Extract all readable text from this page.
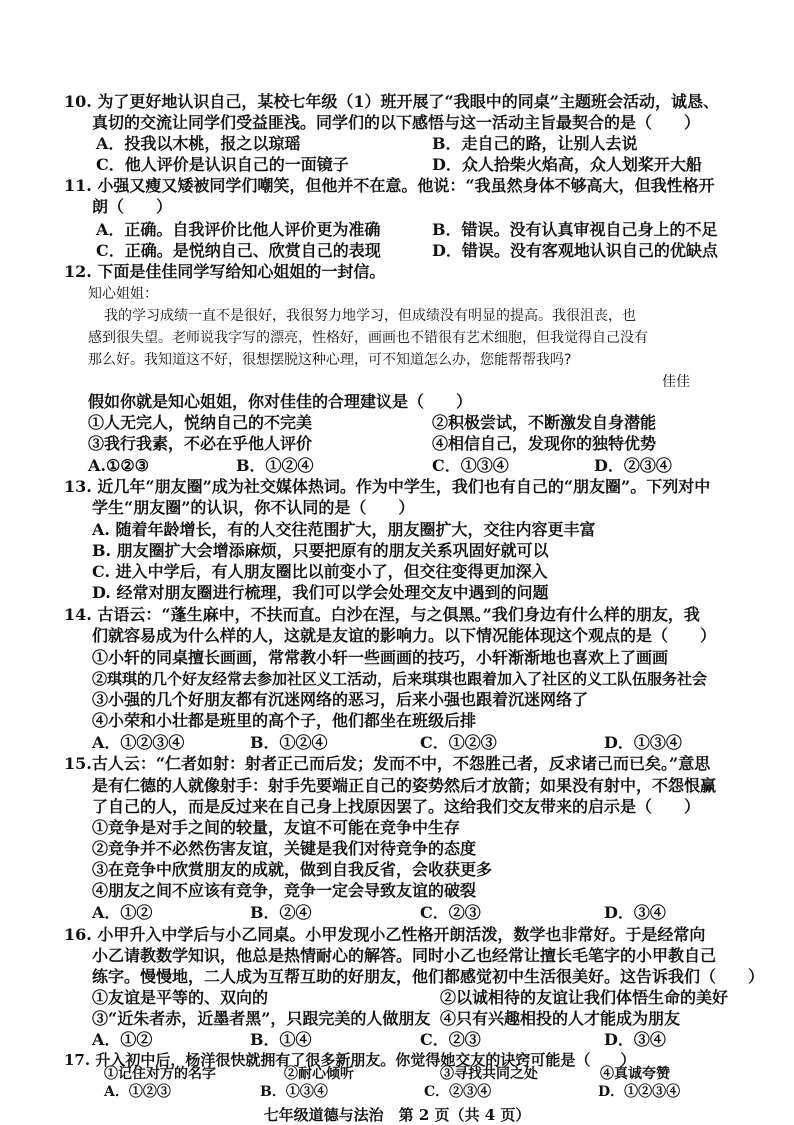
10. 为了更好地认识自己，某校七年级（1）班开展了“我眼中的同桌”主题班会活动，诚恳、
真切的交流让同学们受益匪浅。同学们的以下感悟与这一活动主旨最契合的是（　　）
A．投我以木桃，报之以琼瑶	B．走自己的路，让别人去说
C．他人评价是认识自己的一面镜子	D．众人拾柴火焰高，众人划桨开大船
11. 小强又瘦又矮被同学们嘲笑，但他并不在意。他说：“我虽然身体不够高大，但我性格开
朗（　　）
A．正确。自我评价比他人评价更为准确	B．错误。没有认真审视自己身上的不足
C．正确。是悦纳自己、欣赏自己的表现	D．错误。没有客观地认识自己的优缺点
12. 下面是佳佳同学写给知心姐姐的一封信。
知心姐姐：
我的学习成绩一直不是很好，我很努力地学习，但成绩没有明显的提高。我很沮丧，也
感到很失望。老师说我字写的漂亮，性格好，画画也不错很有艺术细胞，但我觉得自己没有
那么好。我知道这不好，很想摆脱这种心理，可不知道怎么办，您能帮帮我吗?
佳佳
假如你就是知心姐姐，你对佳佳的合理建议是（　　）
①人无完人，悦纳自己的不完美	②积极尝试，不断激发自身潜能
③我行我素，不必在乎他人评价	④相信自己，发现你的独特优势
A.①②③	B．①②④	C．①③④	D．②③④
13. 近几年“朋友圈”成为社交媒体热词。作为中学生，我们也有自己的“朋友圈”。下列对中
学生“朋友圈”的认识，你不认同的是（　　）
A. 随着年龄增长，有的人交往范围扩大，朋友圈扩大，交往内容更丰富
B. 朋友圈扩大会增添麻烦，只要把原有的朋友关系巩固好就可以
C. 进入中学后，有人朋友圈比以前变小了，但交往变得更加深入
D. 经常对朋友圈进行梳理，我们可以学会处理交友中遇到的问题
14. 古语云：“蓬生麻中，不扶而直。白沙在涅，与之俱黑。”我们身边有什么样的朋友，我
们就容易成为什么样的人，这就是友谊的影响力。以下情况能体现这个观点的是（　　）
①小轩的同桌擅长画画，常常教小轩一些画画的技巧，小轩渐渐地也喜欢上了画画
②琪琪的几个好友经常去参加社区义工活动，后来琪琪也跟着加入了社区的义工队伍服务社会
③小强的几个好朋友都有沉迷网络的恶习，后来小强也跟着沉迷网络了
④小荣和小壮都是班里的高个子，他们都坐在班级后排
A．①②③④	B．①②④	C．①②③	D．①③④
15.古人云：“仁者如射：射者正己而后发；发而不中，不怨胜己者，反求诸己而已矣。”意思
是有仁德的人就像射手：射手先要端正自己的姿势然后才放箭；如果没有射中，不怨恨赢
了自己的人，而是反过来在自己身上找原因罢了。这给我们交友带来的启示是（　　）
①竞争是对手之间的较量，友谊不可能在竞争中生存
②竞争并不必然伤害友谊，关键是我们对待竞争的态度
③在竞争中欣赏朋友的成就，做到自我反省，会收获更多
④朋友之间不应该有竞争，竞争一定会导致友谊的破裂
A．①②	B．②④	C．②③	D．③④
16. 小甲升入中学后与小乙同桌。小甲发现小乙性格开朗活泼，数学也非常好。于是经常向
小乙请教数学知识，他总是热情耐心的解答。同时小乙也经常让擅长毛笔字的小甲教自己
练字。慢慢地，二人成为互帮互助的好朋友，他们都感觉初中生活很美好。这告诉我们（　　）
①友谊是平等的、双向的	②以诚相待的友谊让我们体悟生命的美好
③“近朱者赤，近墨者黑”，只跟完美的人做朋友 ④只有兴趣相投的人才能成为朋友
A．①②	B．①④	C．②③	D．③④
17. 升入初中后，杨洋很快就拥有了很多新朋友。你觉得她交友的诀窍可能是（　　）
①记住对方的名字	②耐心倾听	③寻找共同之处	④真诚夸赞
A．①②③	B．①③④	C．②③④	D．①②③④
七年级道德与法治　第 2 页（共 4 页）
